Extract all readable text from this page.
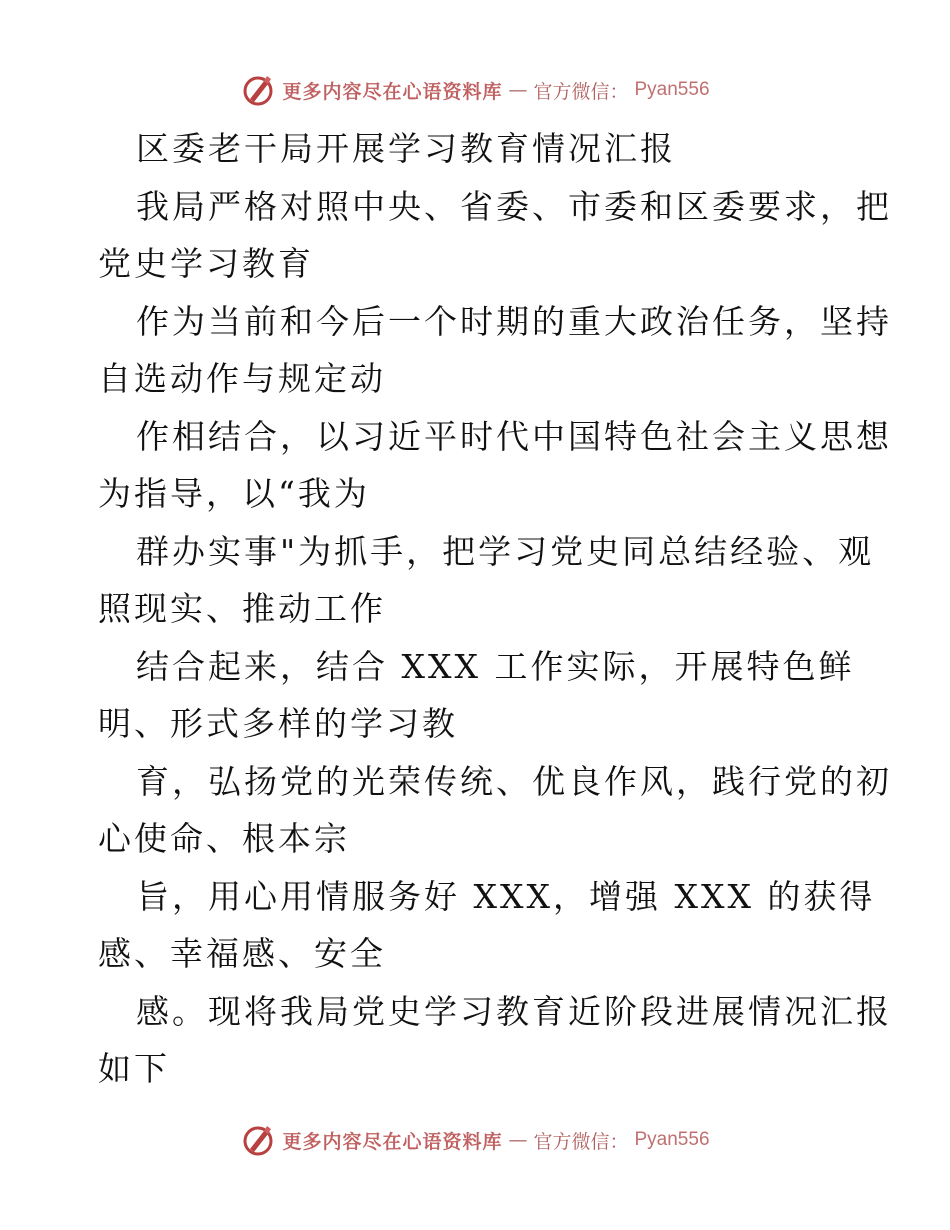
更多内容尽在心语资料库 — 官方微信： Pyan556
区委老干局开展学习教育情况汇报
我局严格对照中央、省委、市委和区委要求，把
党史学习教育
作为当前和今后一个时期的重大政治任务，坚持
自选动作与规定动
作相结合，以习近平时代中国特色社会主义思想
为指导，以“我为
群办实事"为抓手，把学习党史同总结经验、观
照现实、推动工作
结合起来，结合 XXX 工作实际，开展特色鲜
明、形式多样的学习教
育，弘扬党的光荣传统、优良作风，践行党的初
心使命、根本宗
旨，用心用情服务好 XXX，增强 XXX 的获得
感、幸福感、安全
感。现将我局党史学习教育近阶段进展情况汇报
如下
更多内容尽在心语资料库 — 官方微信： Pyan556
